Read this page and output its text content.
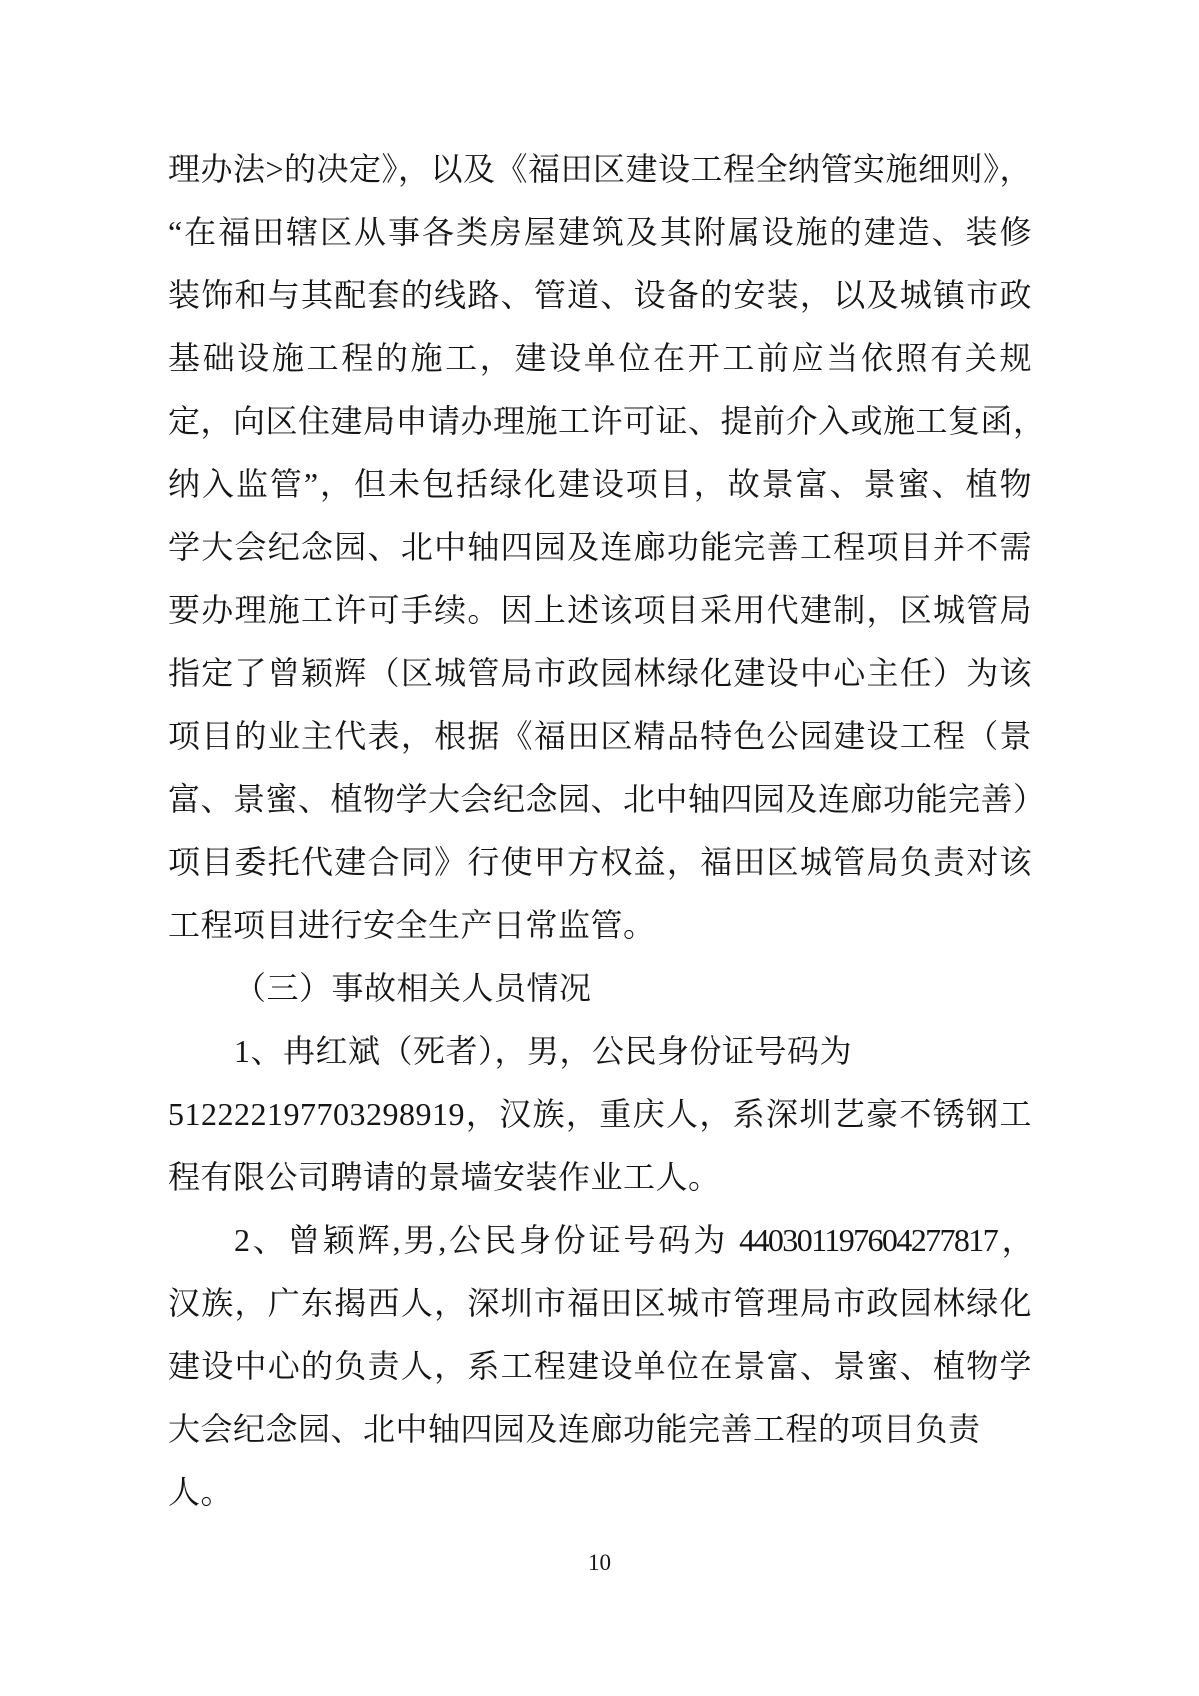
理办法>的决定》，以及《福田区建设工程全纳管实施细则》，
“在福田辖区从事各类房屋建筑及其附属设施的建造、装修
装饰和与其配套的线路、管道、设备的安装，以及城镇市政
基础设施工程的施工，建设单位在开工前应当依照有关规
定，向区住建局申请办理施工许可证、提前介入或施工复函，
纳入监管”，但未包括绿化建设项目，故景富、景蜜、植物
学大会纪念园、北中轴四园及连廊功能完善工程项目并不需
要办理施工许可手续。因上述该项目采用代建制，区城管局
指定了曾颖辉（区城管局市政园林绿化建设中心主任）为该
项目的业主代表，根据《福田区精品特色公园建设工程（景
富、景蜜、植物学大会纪念园、北中轴四园及连廊功能完善）
项目委托代建合同》行使甲方权益，福田区城管局负责对该
工程项目进行安全生产日常监管。
（三）事故相关人员情况
1、冉红斌（死者），男，公民身份证号码为
512222197703298919，汉族，重庆人，系深圳艺豪不锈钢工
程有限公司聘请的景墙安装作业工人。
2、曾颖辉,男,公民身份证号码为 440301197604277817，
汉族，广东揭西人，深圳市福田区城市管理局市政园林绿化
建设中心的负责人，系工程建设单位在景富、景蜜、植物学
大会纪念园、北中轴四园及连廊功能完善工程的项目负责
人。
10
